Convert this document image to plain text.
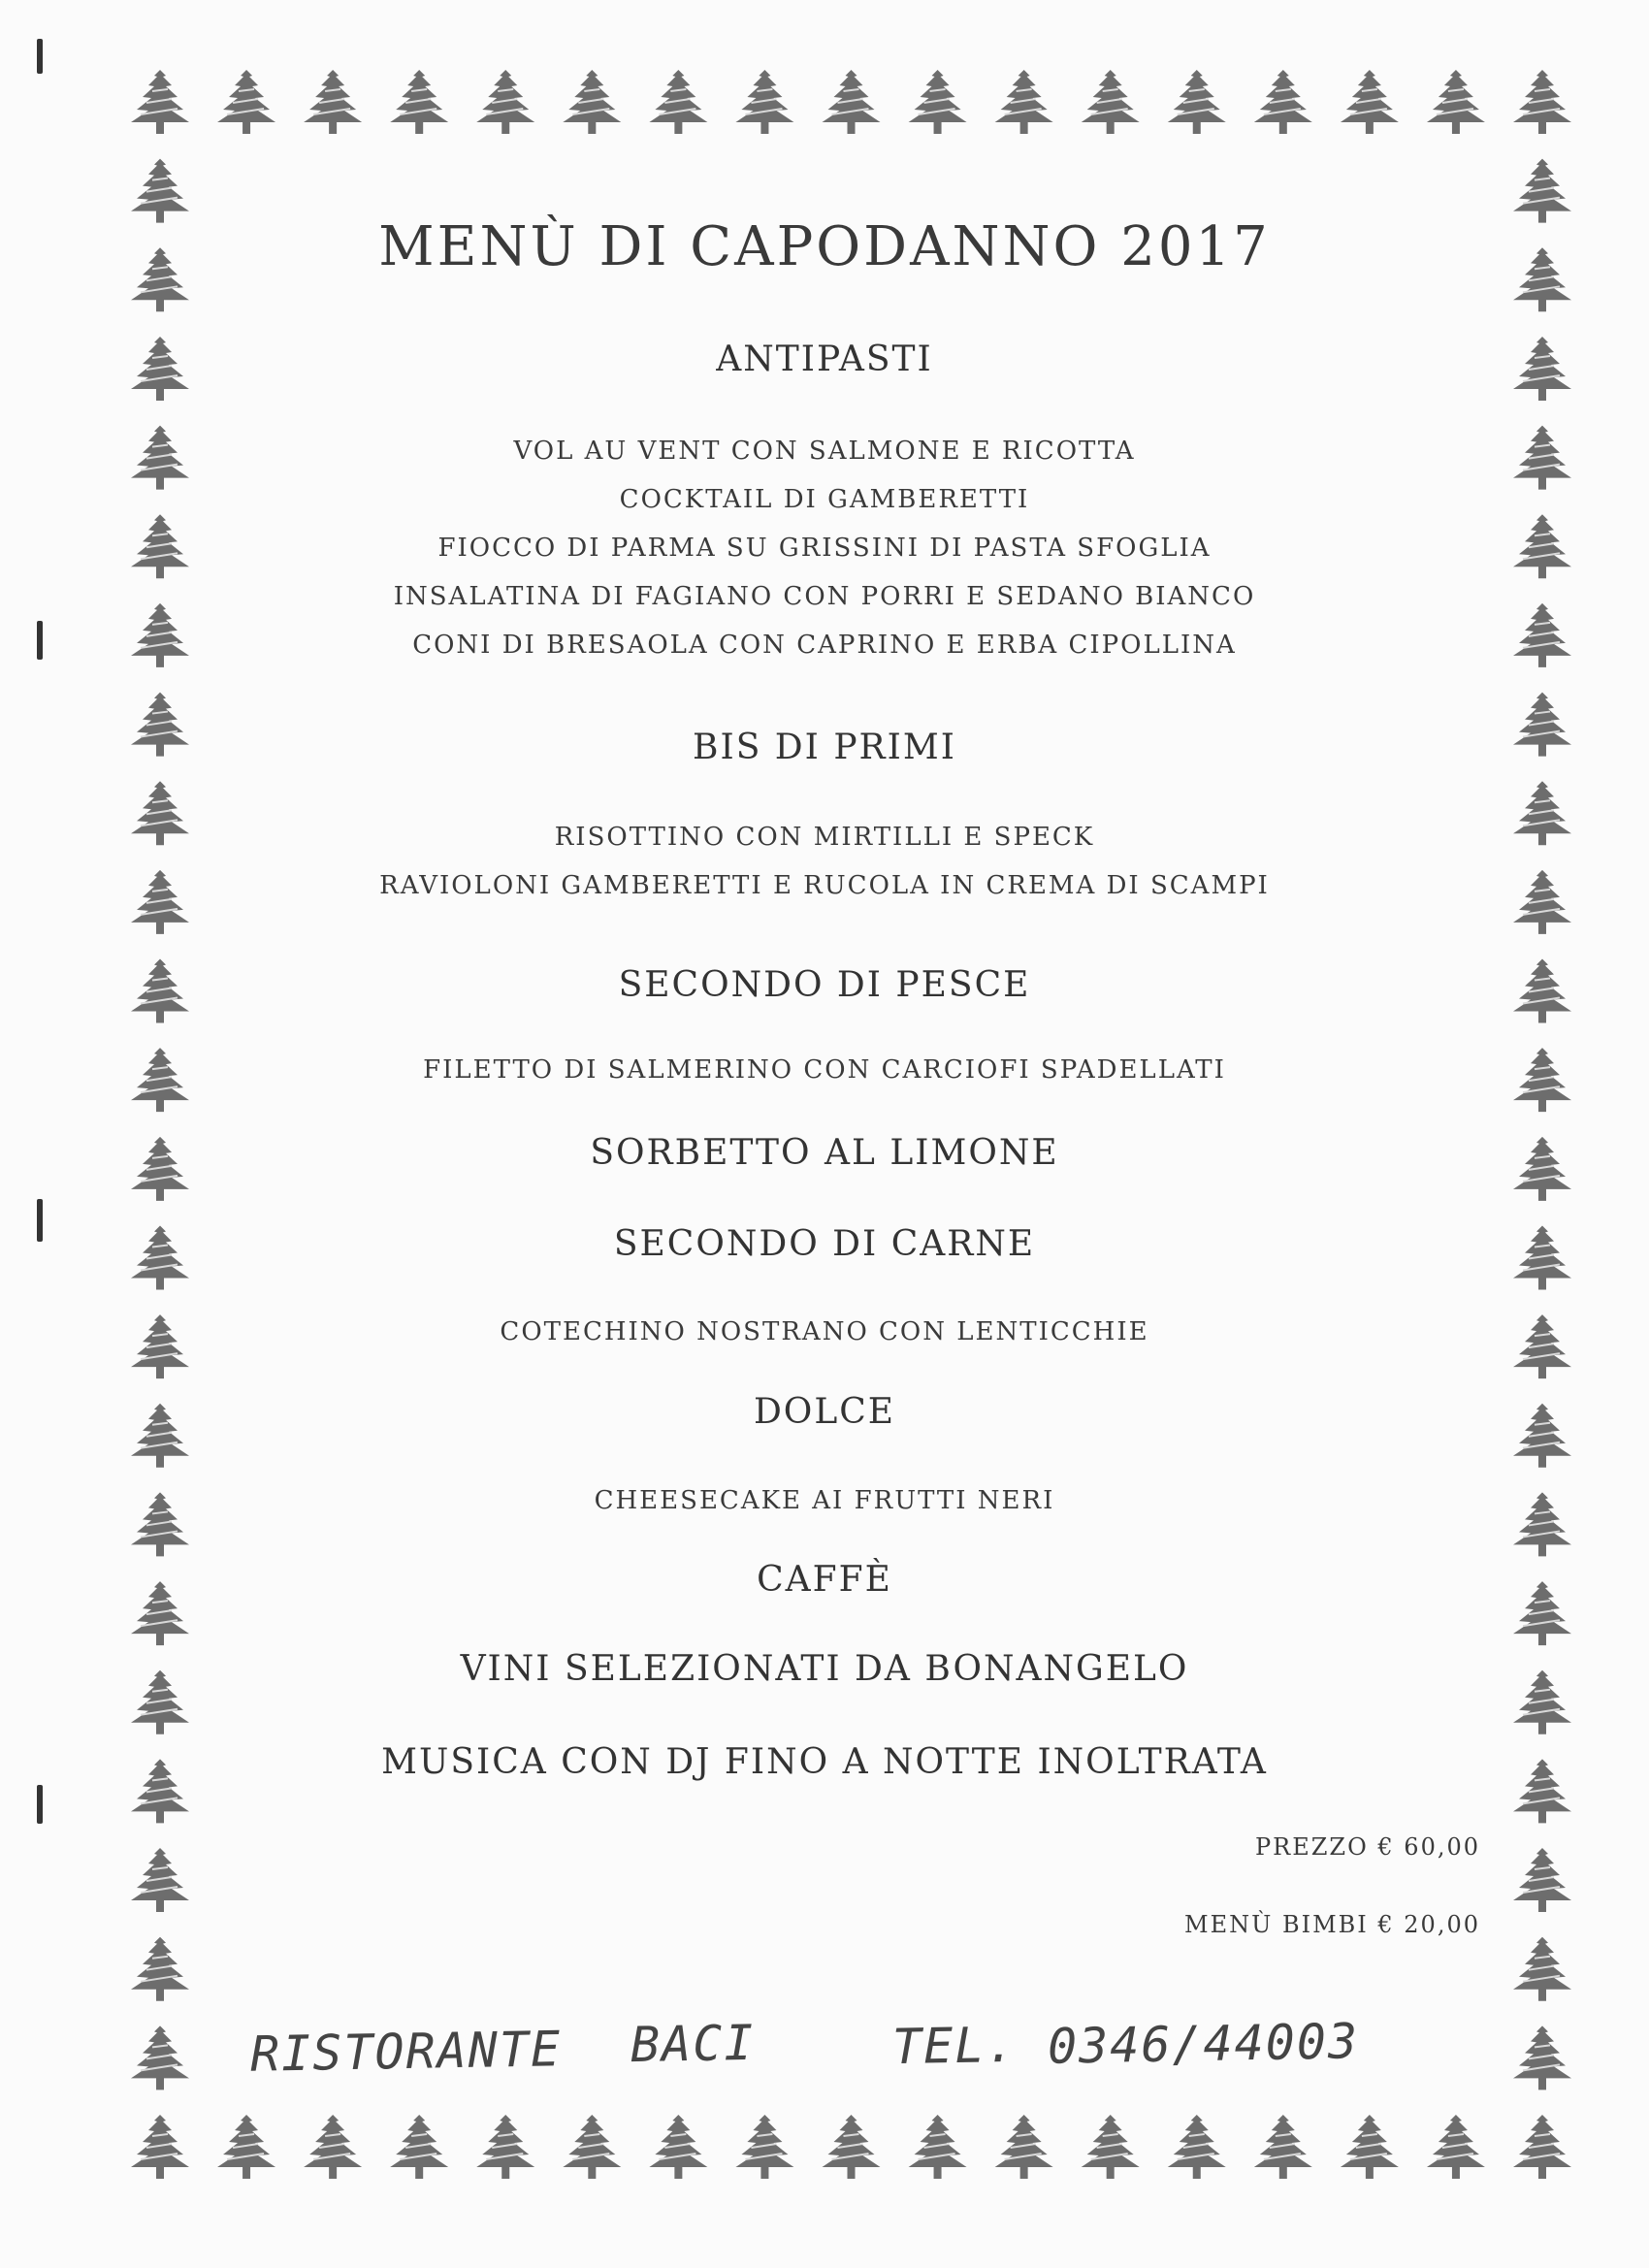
MENÙ DI CAPODANNO 2017
ANTIPASTI
VOL AU VENT CON SALMONE E RICOTTA
COCKTAIL DI GAMBERETTI
FIOCCO DI PARMA SU GRISSINI DI PASTA SFOGLIA
INSALATINA DI FAGIANO CON PORRI E SEDANO BIANCO
CONI DI BRESAOLA CON CAPRINO E ERBA CIPOLLINA
BIS DI PRIMI
RISOTTINO CON MIRTILLI E SPECK
RAVIOLONI GAMBERETTI E RUCOLA IN CREMA DI SCAMPI
SECONDO DI PESCE
FILETTO DI SALMERINO CON CARCIOFI SPADELLATI
SORBETTO AL LIMONE
SECONDO DI CARNE
COTECHINO NOSTRANO CON LENTICCHIE
DOLCE
CHEESECAKE AI FRUTTI NERI
CAFFÈ
VINI SELEZIONATI DA BONANGELO
MUSICA CON DJ FINO A NOTTE INOLTRATA
PREZZO € 60,00
MENÙ BIMBI € 20,00
RISTORANTE BACI	TEL. 0346/44003
